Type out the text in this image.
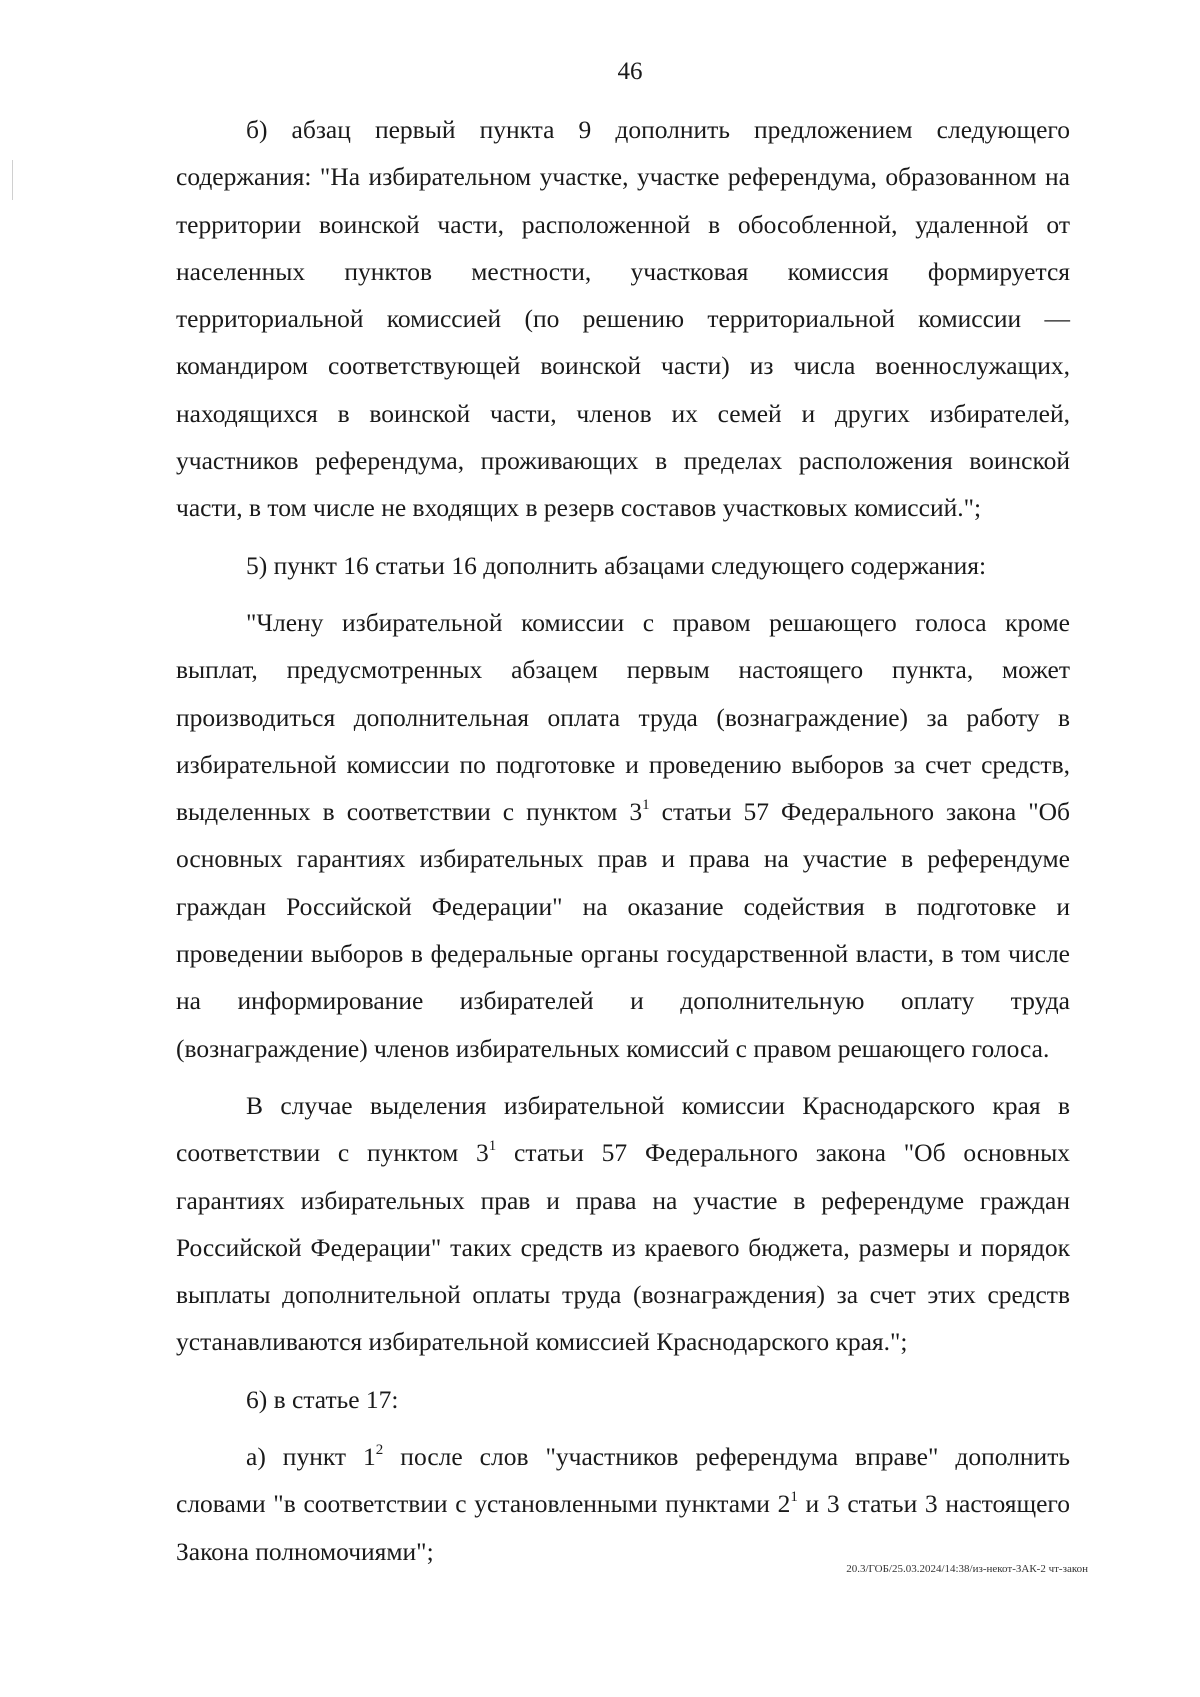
46

б) абзац первый пункта 9 дополнить предложением следующего содержания: "На избирательном участке, участке референдума, образованном на территории воинской части, расположенной в обособленной, удаленной от населенных пунктов местности, участковая комиссия формируется территориальной комиссией (по решению территориальной комиссии — командиром соответствующей воинской части) из числа военнослужащих, находящихся в воинской части, членов их семей и других избирателей, участников референдума, проживающих в пределах расположения воинской части, в том числе не входящих в резерв составов участковых комиссий.";

5) пункт 16 статьи 16 дополнить абзацами следующего содержания:

"Члену избирательной комиссии с правом решающего голоса кроме выплат, предусмотренных абзацем первым настоящего пункта, может производиться дополнительная оплата труда (вознаграждение) за работу в избирательной комиссии по подготовке и проведению выборов за счет средств, выделенных в соответствии с пунктом $3^1$ статьи 57 Федерального закона "Об основных гарантиях избирательных прав и права на участие в референдуме граждан Российской Федерации" на оказание содействия в подготовке и проведении выборов в федеральные органы государственной власти, в том числе на информирование избирателей и дополнительную оплату труда (вознаграждение) членов избирательных комиссий с правом решающего голоса.

В случае выделения избирательной комиссии Краснодарского края в соответствии с пунктом $3^1$ статьи 57 Федерального закона "Об основных гарантиях избирательных прав и права на участие в референдуме граждан Российской Федерации" таких средств из краевого бюджета, размеры и порядок выплаты дополнительной оплаты труда (вознаграждения) за счет этих средств устанавливаются избирательной комиссией Краснодарского края.";

6) в статье 17:

а) пункт $1^2$ после слов "участников референдума вправе" дополнить словами "в соответствии с установленными пунктами $2^1$ и 3 статьи 3 настоящего Закона полномочиями";

20.3/ГОБ/25.03.2024/14:38/из-некот-ЗАК-2 чт-закон
